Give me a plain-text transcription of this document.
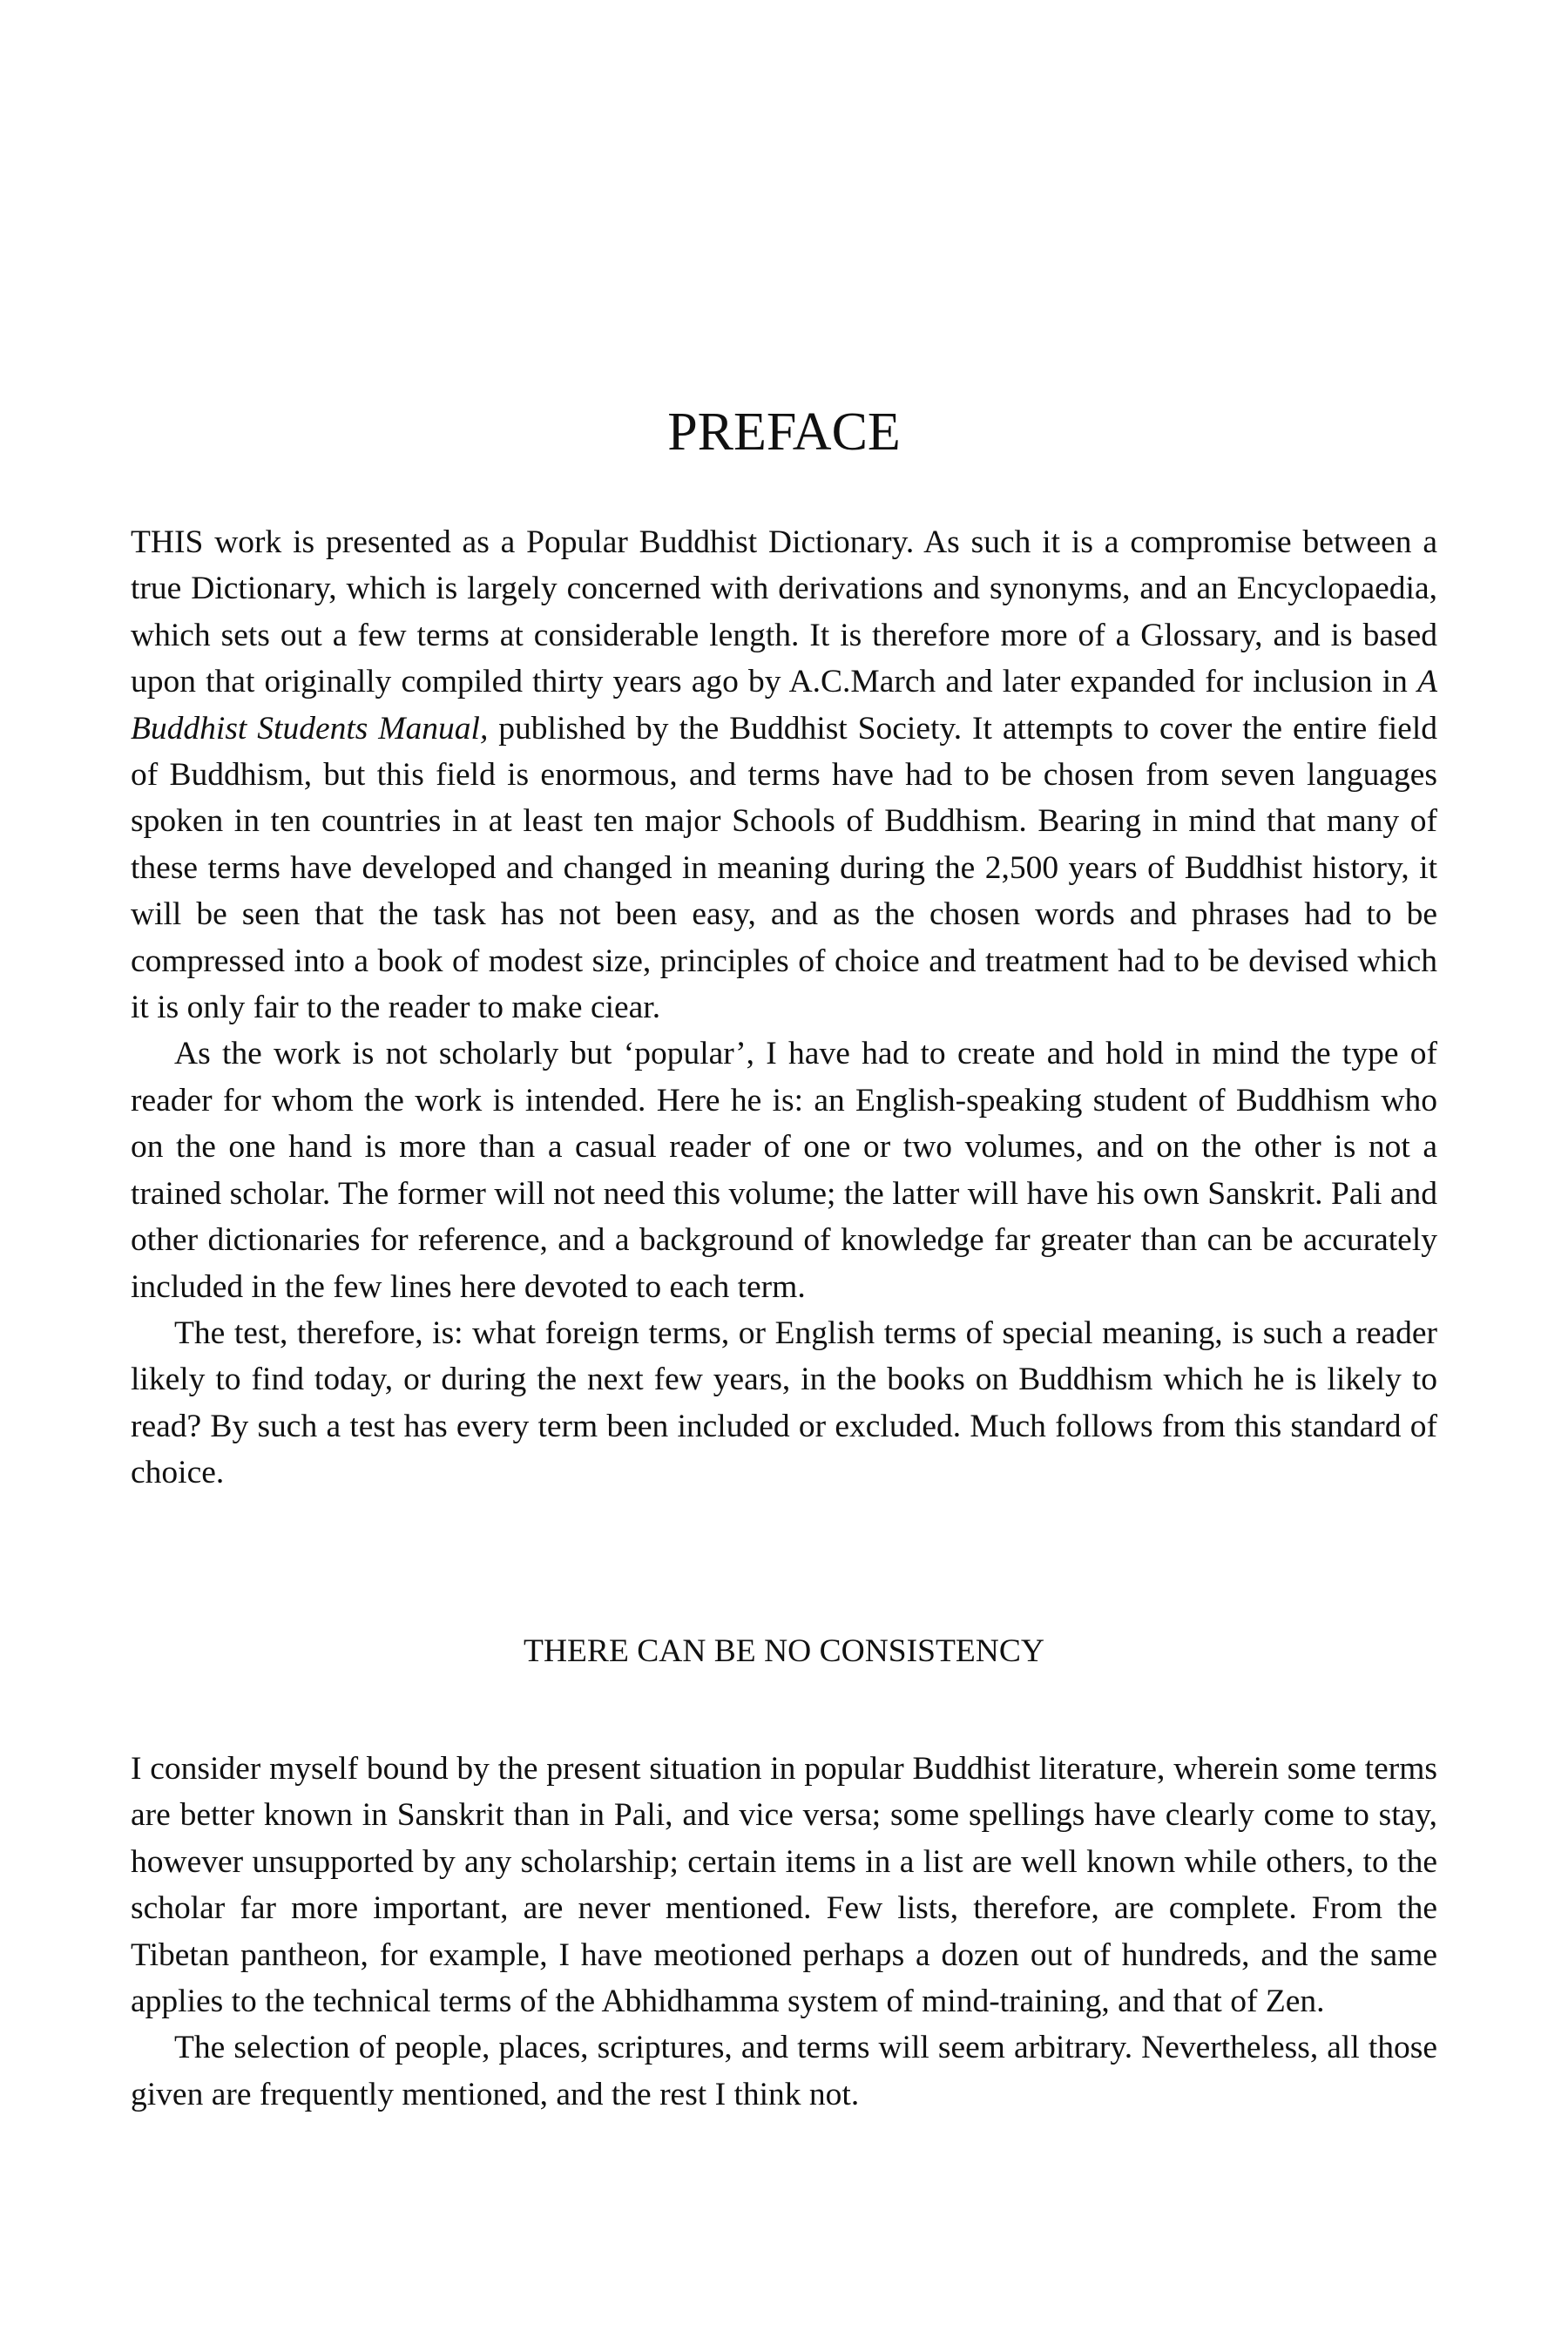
PREFACE

THIS work is presented as a Popular Buddhist Dictionary. As such it is a compromise between a true Dictionary, which is largely concerned with derivations and synonyms, and an Encyclopaedia, which sets out a few terms at considerable length. It is therefore more of a Glossary, and is based upon that originally compiled thirty years ago by A.C.March and later expanded for inclusion in A Buddhist Students Manual, published by the Buddhist Society. It attempts to cover the entire field of Buddhism, but this field is enormous, and terms have had to be chosen from seven languages spoken in ten countries in at least ten major Schools of Buddhism. Bearing in mind that many of these terms have developed and changed in meaning during the 2,500 years of Buddhist history, it will be seen that the task has not been easy, and as the chosen words and phrases had to be compressed into a book of modest size, principles of choice and treatment had to be devised which it is only fair to the reader to make ciear.

As the work is not scholarly but ‘popular’, I have had to create and hold in mind the type of reader for whom the work is intended. Here he is: an English-speaking student of Buddhism who on the one hand is more than a casual reader of one or two volumes, and on the other is not a trained scholar. The former will not need this volume; the latter will have his own Sanskrit. Pali and other dictionaries for reference, and a background of knowledge far greater than can be accurately included in the few lines here devoted to each term.

The test, therefore, is: what foreign terms, or English terms of special meaning, is such a reader likely to find today, or during the next few years, in the books on Buddhism which he is likely to read? By such a test has every term been included or excluded. Much follows from this standard of choice.

THERE CAN BE NO CONSISTENCY

I consider myself bound by the present situation in popular Buddhist literature, wherein some terms are better known in Sanskrit than in Pali, and vice versa; some spellings have clearly come to stay, however unsupported by any scholarship; certain items in a list are well known while others, to the scholar far more important, are never mentioned. Few lists, therefore, are complete. From the Tibetan pantheon, for example, I have meotioned perhaps a dozen out of hundreds, and the same applies to the technical terms of the Abhidhamma system of mind-training, and that of Zen.

The selection of people, places, scriptures, and terms will seem arbitrary. Nevertheless, all those given are frequently mentioned, and the rest I think not.
